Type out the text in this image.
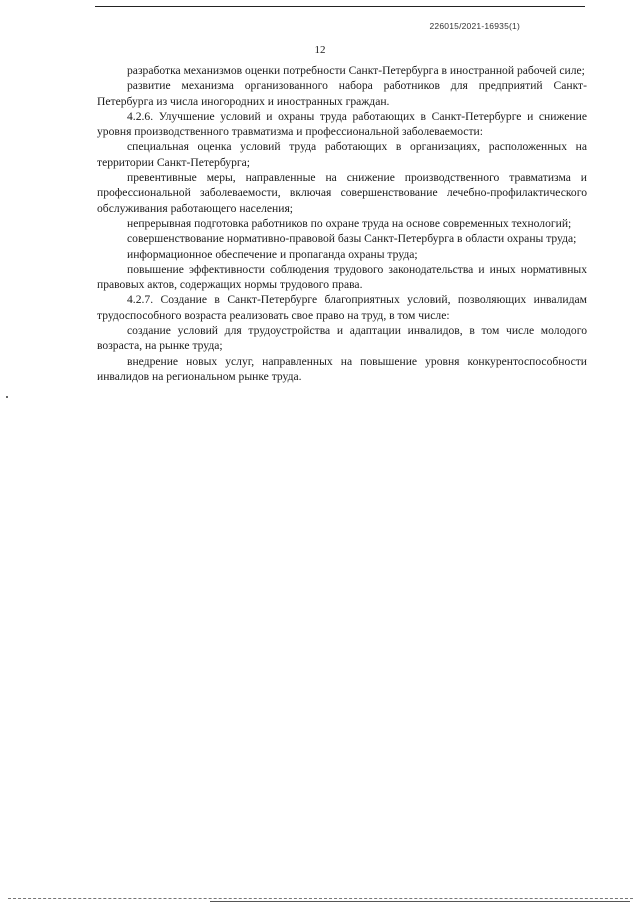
226015/2021-16935(1)
12

разработка механизмов оценки потребности Санкт-Петербурга в иностранной рабочей силе;

развитие механизма организованного набора работников для предприятий Санкт-Петербурга из числа иногородних и иностранных граждан.

4.2.6. Улучшение условий и охраны труда работающих в Санкт-Петербурге и снижение уровня производственного травматизма и профессиональной заболеваемости:

специальная оценка условий труда работающих в организациях, расположенных на территории Санкт-Петербурга;

превентивные меры, направленные на снижение производственного травматизма и профессиональной заболеваемости, включая совершенствование лечебно-профилактического обслуживания работающего населения;

непрерывная подготовка работников по охране труда на основе современных технологий;

совершенствование нормативно-правовой базы Санкт-Петербурга в области охраны труда;

информационное обеспечение и пропаганда охраны труда;

повышение эффективности соблюдения трудового законодательства и иных нормативных правовых актов, содержащих нормы трудового права.

4.2.7. Создание в Санкт-Петербурге благоприятных условий, позволяющих инвалидам трудоспособного возраста реализовать свое право на труд, в том числе:

создание условий для трудоустройства и адаптации инвалидов, в том числе молодого возраста, на рынке труда;

внедрение новых услуг, направленных на повышение уровня конкурентоспособности инвалидов на региональном рынке труда.
